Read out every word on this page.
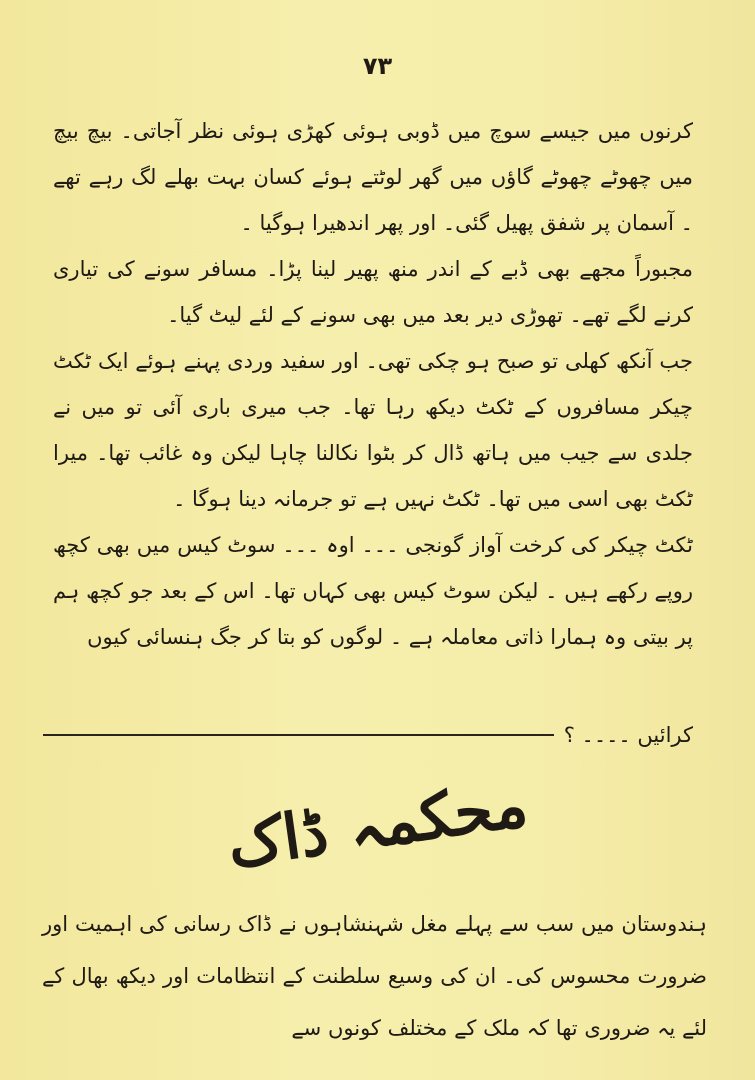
۷۳

کرنوں میں جیسے سوچ میں ڈوبی ہوئی کھڑی ہوئی نظر آجاتی۔ بیچ بیچ میں چھوٹے چھوٹے گاؤں میں گھر لوٹتے ہوئے کسان بہت بھلے لگ رہے تھے ۔ آسمان پر شفق پھیل گئی۔ اور پھر اندھیرا ہوگیا ۔

مجبوراً مجھے بھی ڈبے کے اندر منھ پھیر لینا پڑا۔ مسافر سونے کی تیاری کرنے لگے تھے۔ تھوڑی دیر بعد میں بھی سونے کے لئے لیٹ گیا۔

جب آنکھ کھلی تو صبح ہو چکی تھی۔ اور سفید وردی پہنے ہوئے ایک ٹکٹ چیکر مسافروں کے ٹکٹ دیکھ رہا تھا۔ جب میری باری آئی تو میں نے جلدی سے جیب میں ہاتھ ڈال کر بٹوا نکالنا چاہا لیکن وہ غائب تھا۔ میرا ٹکٹ بھی اسی میں تھا۔ ٹکٹ نہیں ہے تو جرمانہ دینا ہوگا ۔

ٹکٹ چیکر کی کرخت آواز گونجی ۔۔۔ اوہ ۔۔۔ سوٹ کیس میں بھی کچھ روپے رکھے ہیں ۔ لیکن سوٹ کیس بھی کہاں تھا۔ اس کے بعد جو کچھ ہم پر بیتی وہ ہمارا ذاتی معاملہ ہے ۔ لوگوں کو بتا کر جگ ہنسائی کیوں

کرائیں ۔۔۔۔ ؟
محکمہ ڈاک

ہندوستان میں سب سے پہلے مغل شہنشاہوں نے ڈاک رسانی کی اہمیت اور ضرورت محسوس کی۔ ان کی وسیع سلطنت کے انتظامات اور دیکھ بھال کے لئے یہ ضروری تھا کہ ملک کے مختلف کونوں سے
